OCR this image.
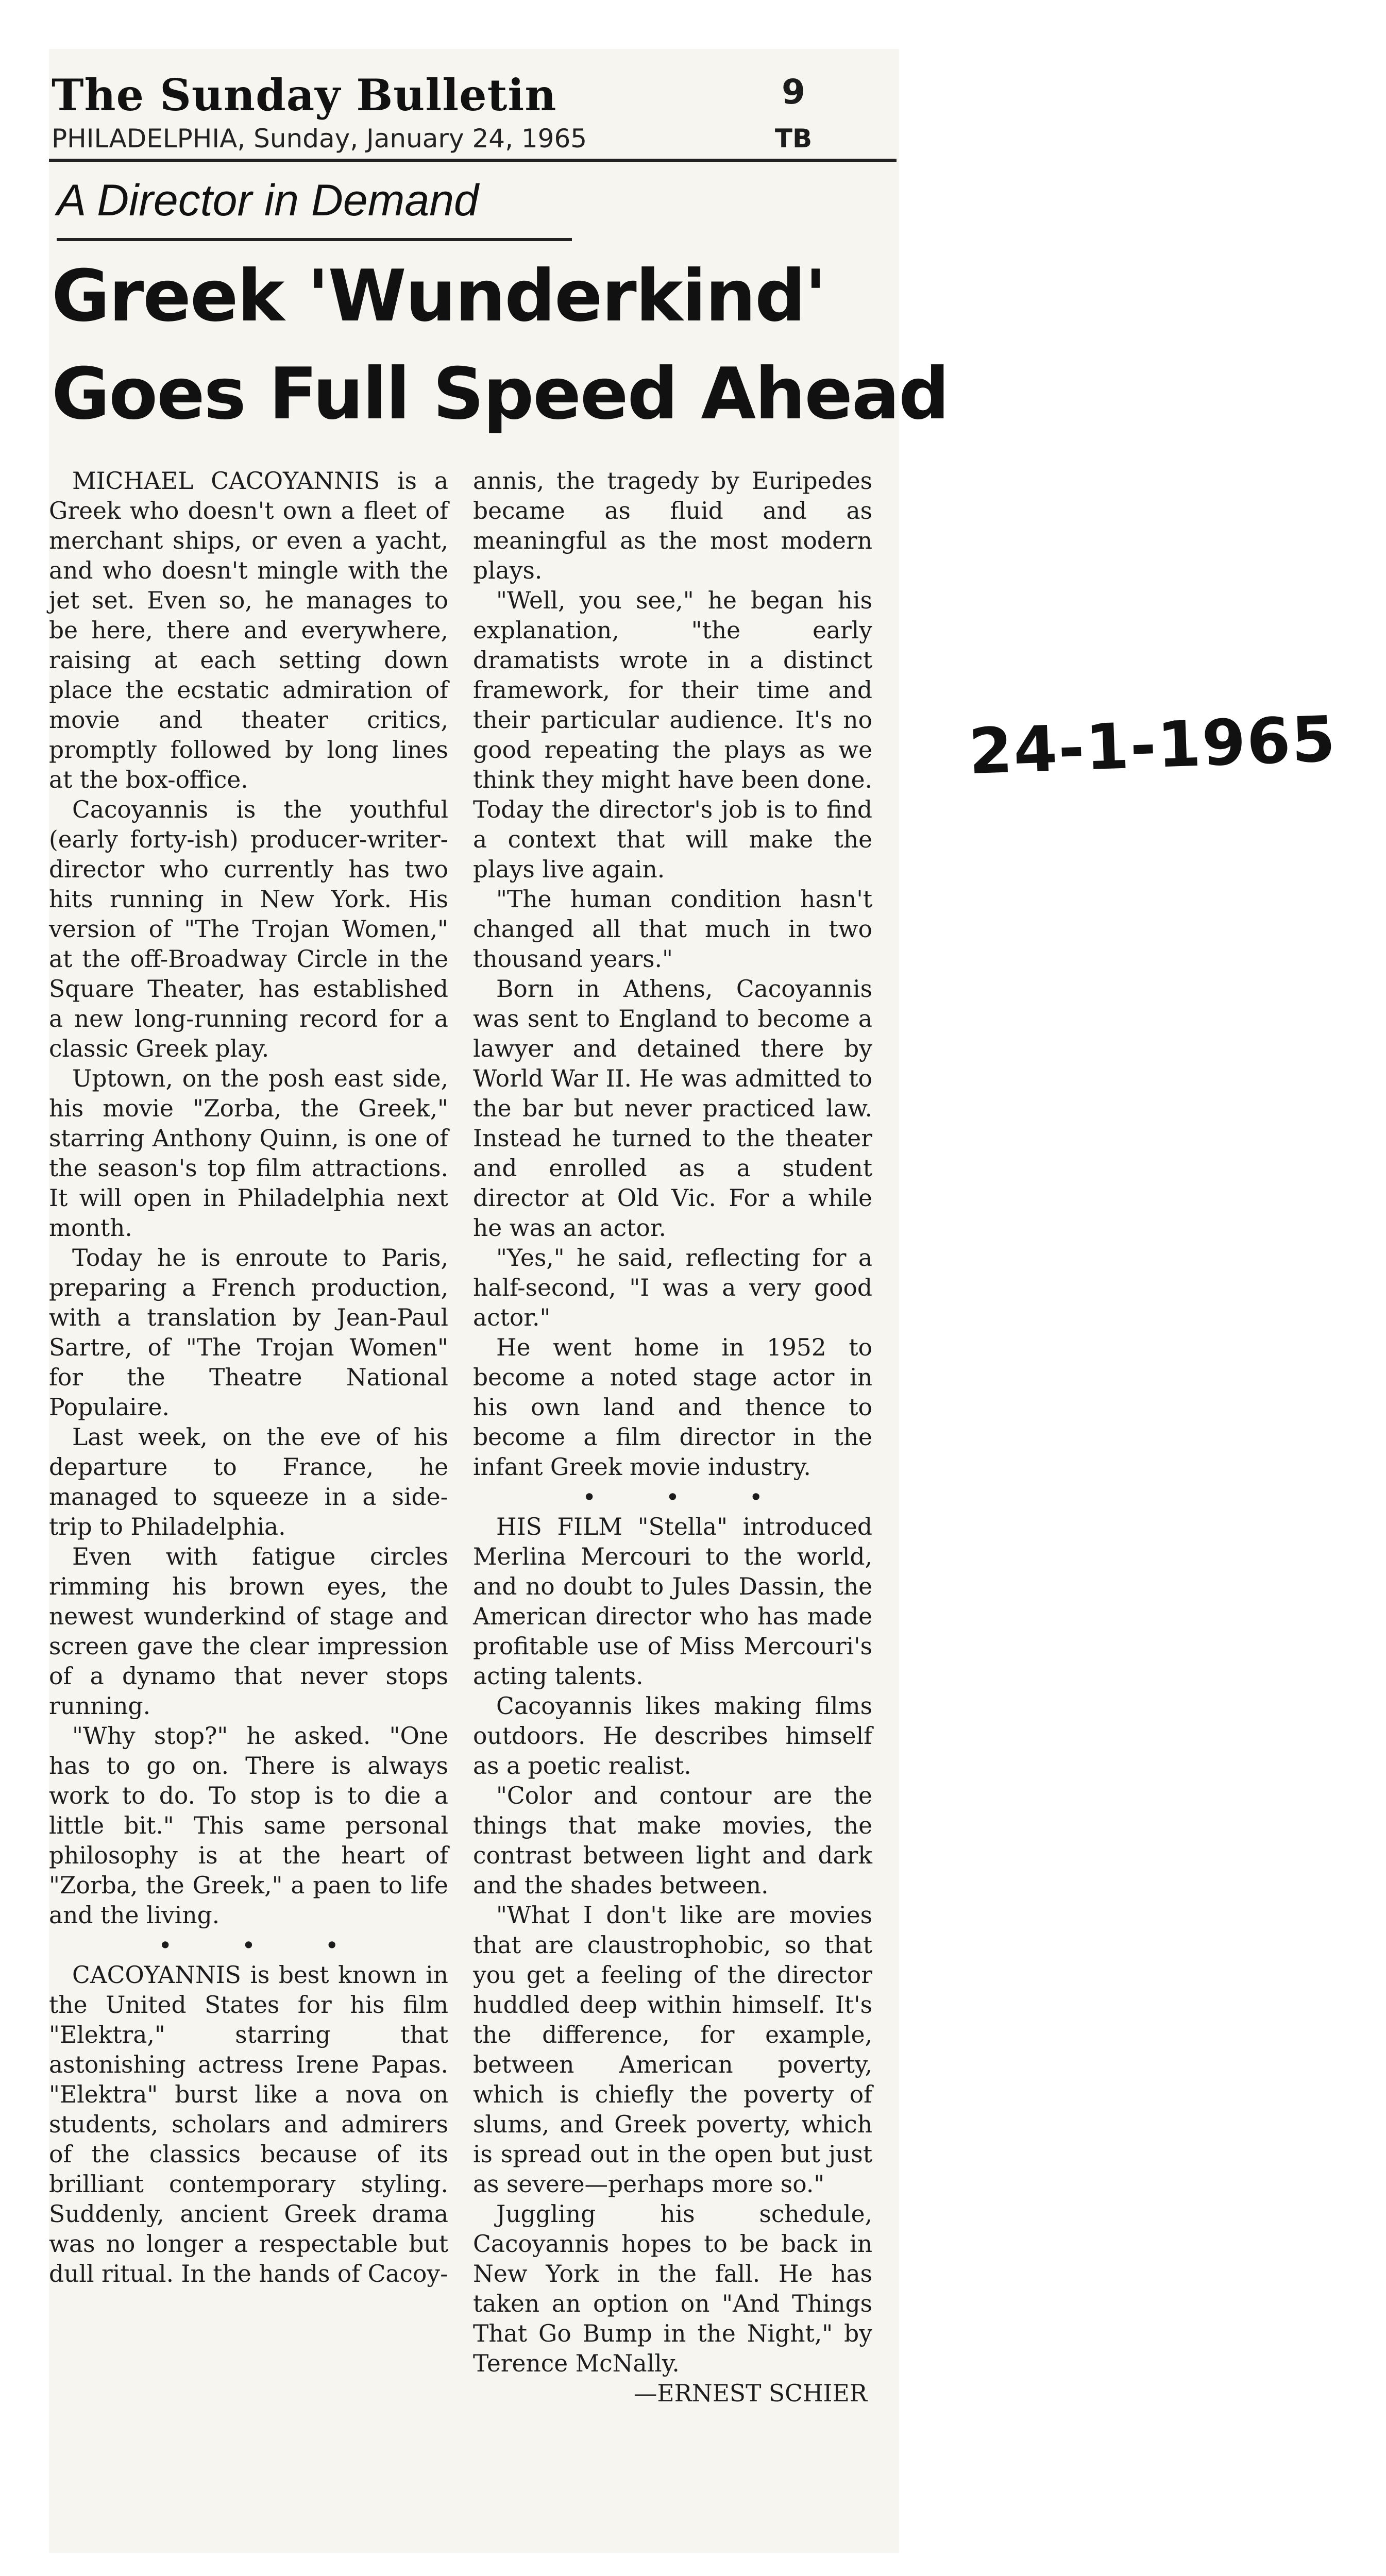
The Sunday Bulletin	9
PHILADELPHIA, Sunday, January 24, 1965	TB
A Director in Demand
Greek 'Wunderkind'
Goes Full Speed Ahead

MICHAEL CACOYANNIS is a Greek who doesn't own a fleet of merchant ships, or even a yacht, and who doesn't mingle with the jet set. Even so, he manages to be here, there and everywhere, raising at each setting down place the ecstatic admiration of movie and theater critics, promptly followed by long lines at the box-office.

Cacoyannis is the youthful (early forty-ish) producer-writer-director who currently has two hits running in New York. His version of "The Trojan Women," at the off-Broadway Circle in the Square Theater, has established a new long-running record for a classic Greek play.

Uptown, on the posh east side, his movie "Zorba, the Greek," starring Anthony Quinn, is one of the season's top film attractions. It will open in Philadelphia next month.

Today he is enroute to Paris, preparing a French production, with a translation by Jean-Paul Sartre, of "The Trojan Women" for the Theatre National Populaire.

Last week, on the eve of his departure to France, he managed to squeeze in a side-trip to Philadelphia.

Even with fatigue circles rimming his brown eyes, the newest wunderkind of stage and screen gave the clear impression of a dynamo that never stops running.

"Why stop?" he asked. "One has to go on. There is always work to do. To stop is to die a little bit." This same personal philosophy is at the heart of "Zorba, the Greek," a paen to life and the living.

• • •

CACOYANNIS is best known in the United States for his film "Elektra," starring that astonishing actress Irene Papas. "Elektra" burst like a nova on students, scholars and admirers of the classics because of its brilliant contemporary styling. Suddenly, ancient Greek drama was no longer a respectable but dull ritual. In the hands of Cacoy-

annis, the tragedy by Euripedes became as fluid and as meaningful as the most modern plays.

"Well, you see," he began his explanation, "the early dramatists wrote in a distinct framework, for their time and their particular audience. It's no good repeating the plays as we think they might have been done. Today the director's job is to find a context that will make the plays live again.

"The human condition hasn't changed all that much in two thousand years."

Born in Athens, Cacoyannis was sent to England to become a lawyer and detained there by World War II. He was admitted to the bar but never practiced law. Instead he turned to the theater and enrolled as a student director at Old Vic. For a while he was an actor.

"Yes," he said, reflecting for a half-second, "I was a very good actor."

He went home in 1952 to become a noted stage actor in his own land and thence to become a film director in the infant Greek movie industry.

• • •

HIS FILM "Stella" introduced Merlina Mercouri to the world, and no doubt to Jules Dassin, the American director who has made profitable use of Miss Mercouri's acting talents.

Cacoyannis likes making films outdoors. He describes himself as a poetic realist.

"Color and contour are the things that make movies, the contrast between light and dark and the shades between.

"What I don't like are movies that are claustrophobic, so that you get a feeling of the director huddled deep within himself. It's the difference, for example, between American poverty, which is chiefly the poverty of slums, and Greek poverty, which is spread out in the open but just as severe—perhaps more so."

Juggling his schedule, Cacoyannis hopes to be back in New York in the fall. He has taken an option on "And Things That Go Bump in the Night," by Terence McNally.

—ERNEST SCHIER

24-1-1965
